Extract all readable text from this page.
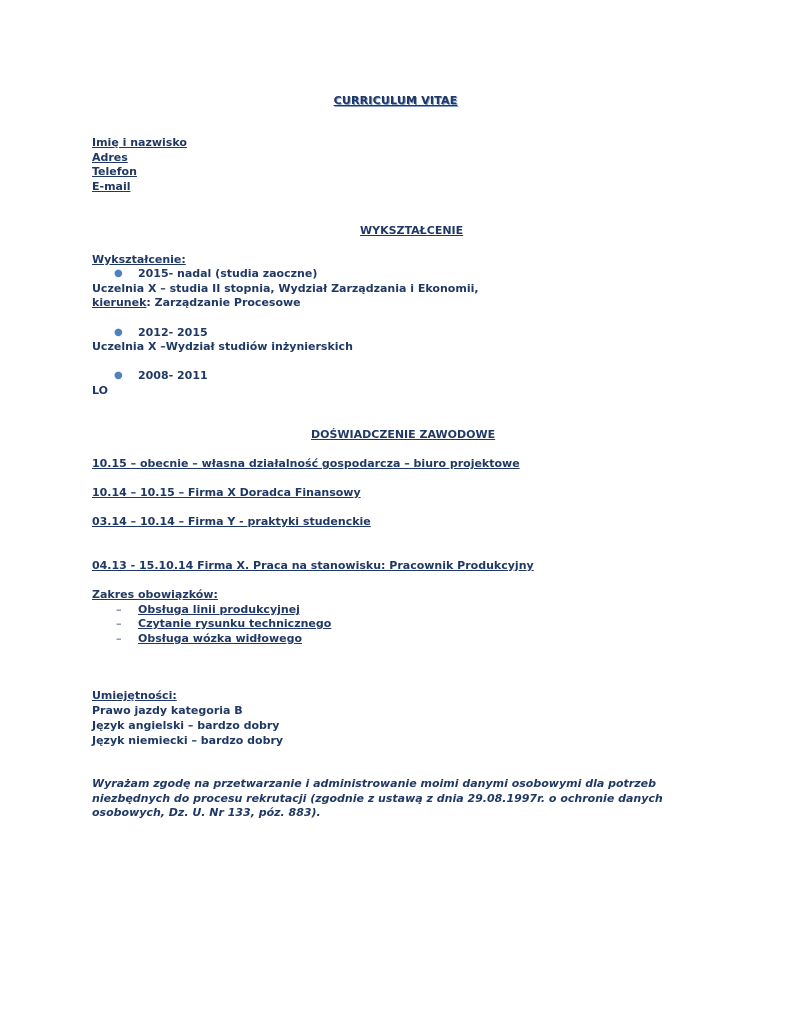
CURRICULUM VITAE
Imię i nazwisko
Adres
Telefon
E-mail
WYKSZTAŁCENIE
Wykształcenie:
● 2015- nadal (studia zaoczne)
Uczelnia X – studia II stopnia, Wydział Zarządzania i Ekonomii,
kierunek: Zarządzanie Procesowe
● 2012- 2015
Uczelnia X –Wydział studiów inżynierskich
● 2008- 2011
LO
DOŚWIADCZENIE ZAWODOWE
10.15 – obecnie – własna działalność gospodarcza – biuro projektowe
10.14 – 10.15 – Firma X Doradca Finansowy
03.14 – 10.14 – Firma Y - praktyki studenckie
04.13 - 15.10.14 Firma X. Praca na stanowisku: Pracownik Produkcyjny
Zakres obowiązków:
– Obsługa linii produkcyjnej
– Czytanie rysunku technicznego
– Obsługa wózka widłowego
Umiejętności:
Prawo jazdy kategoria B
Język angielski – bardzo dobry
Język niemiecki – bardzo dobry
Wyrażam zgodę na przetwarzanie i administrowanie moimi danymi osobowymi dla potrzeb niezbędnych do procesu rekrutacji (zgodnie z ustawą z dnia 29.08.1997r. o ochronie danych osobowych, Dz. U. Nr 133, póz. 883).
